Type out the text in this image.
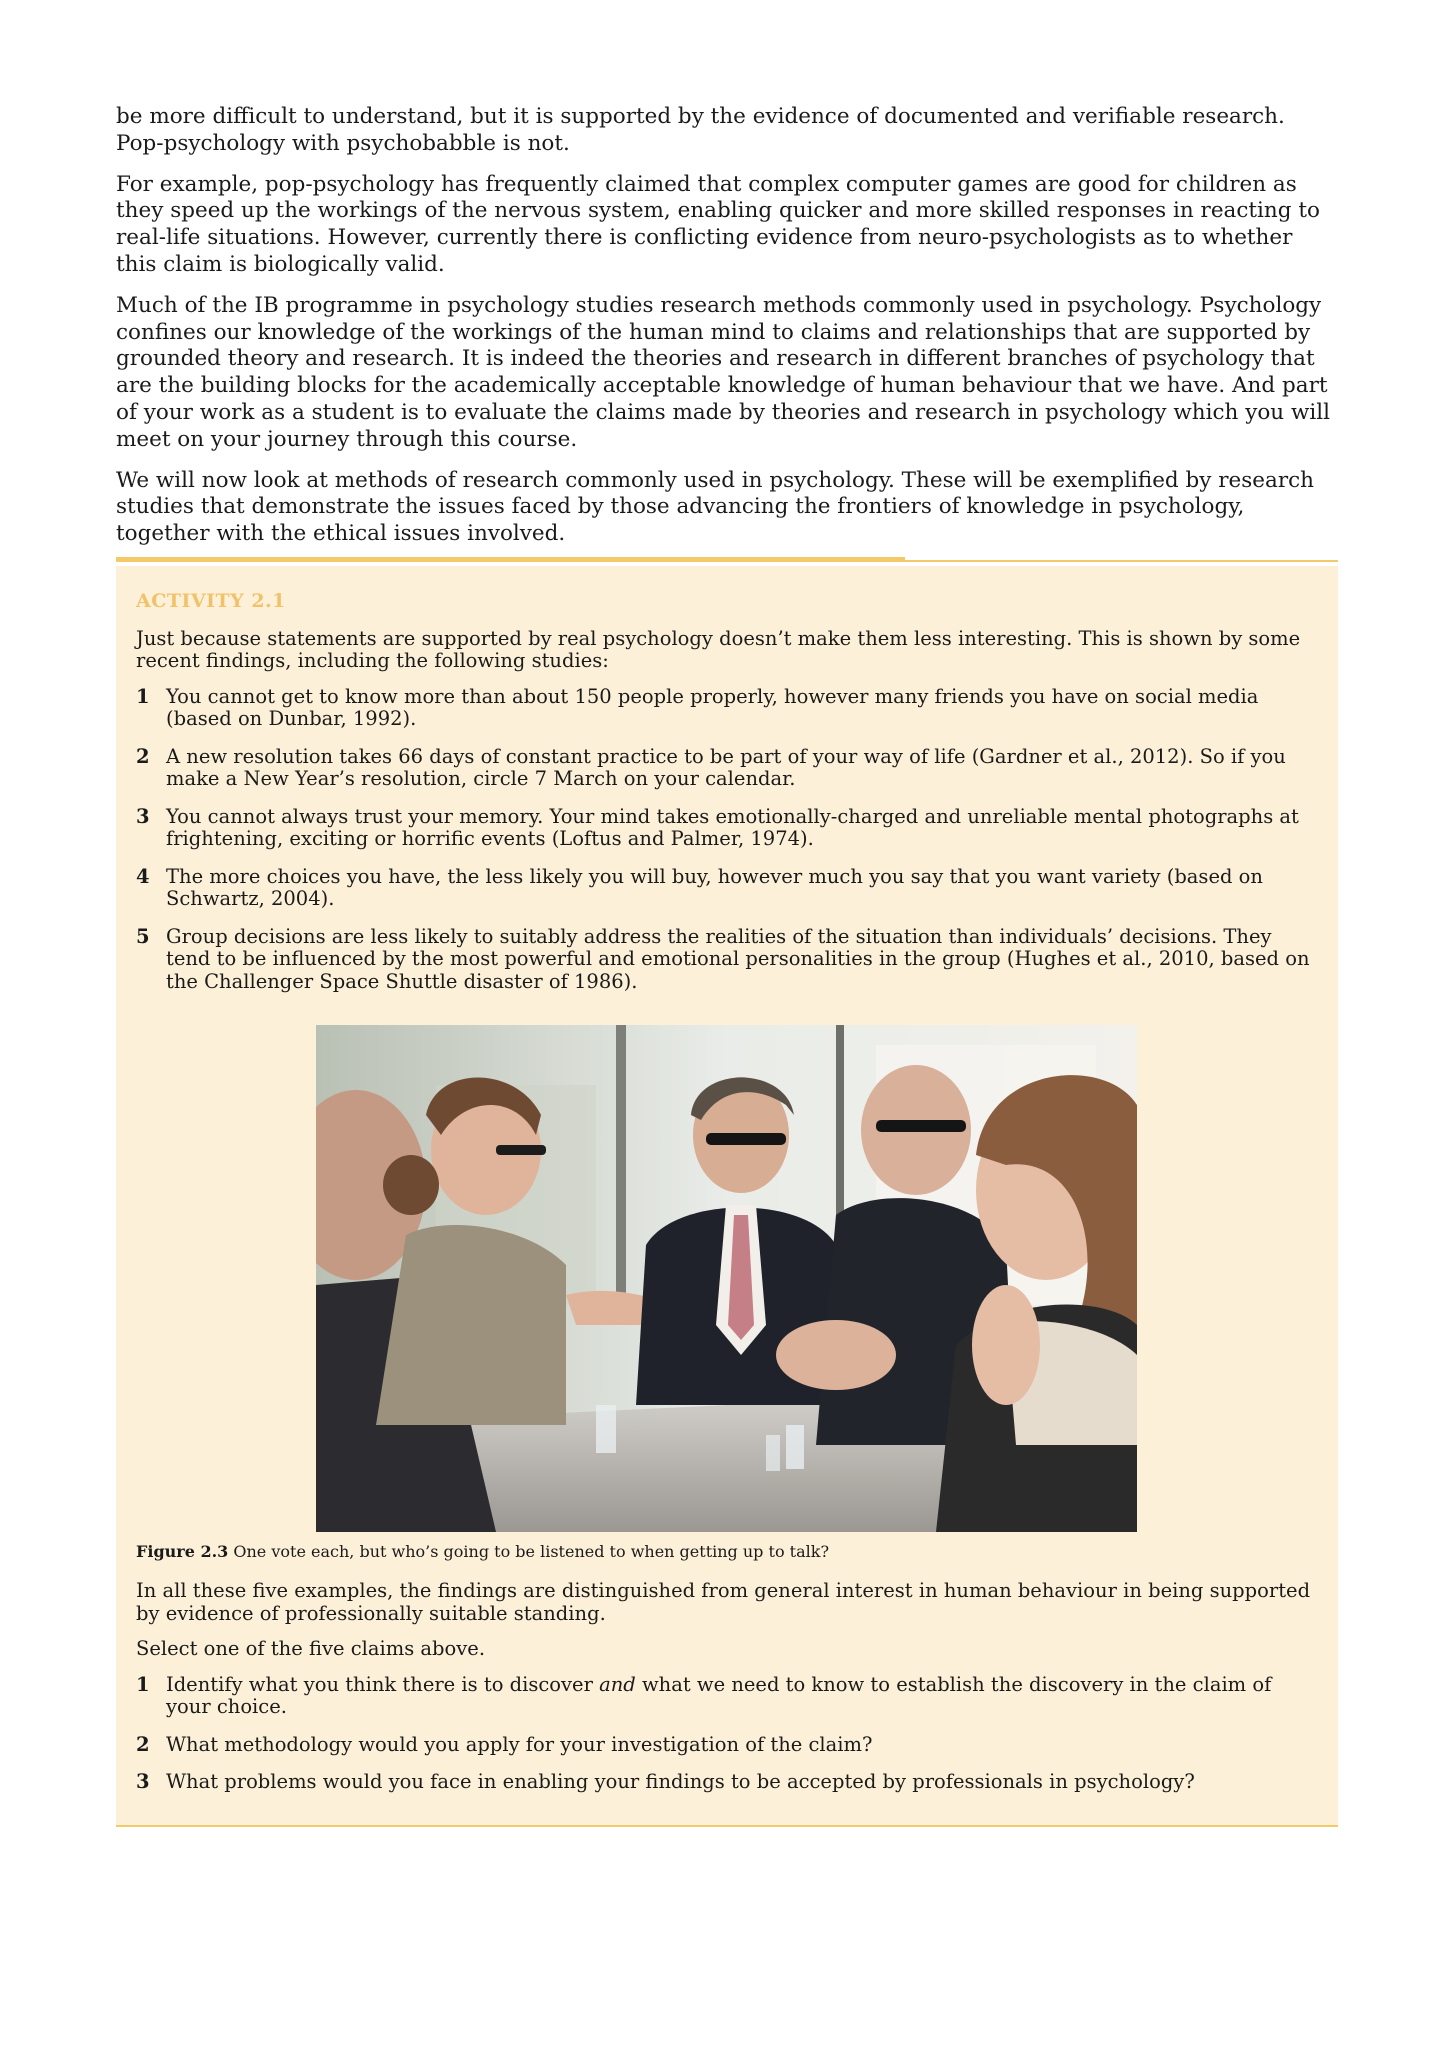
be more difficult to understand, but it is supported by the evidence of documented and verifiable research. Pop-psychology with psychobabble is not.

For example, pop-psychology has frequently claimed that complex computer games are good for children as they speed up the workings of the nervous system, enabling quicker and more skilled responses in reacting to real-life situations. However, currently there is conflicting evidence from neuro-psychologists as to whether this claim is biologically valid.

Much of the IB programme in psychology studies research methods commonly used in psychology. Psychology confines our knowledge of the workings of the human mind to claims and relationships that are supported by grounded theory and research. It is indeed the theories and research in different branches of psychology that are the building blocks for the academically acceptable knowledge of human behaviour that we have. And part of your work as a student is to evaluate the claims made by theories and research in psychology which you will meet on your journey through this course.

We will now look at methods of research commonly used in psychology. These will be exemplified by research studies that demonstrate the issues faced by those advancing the frontiers of knowledge in psychology, together with the ethical issues involved.

ACTIVITY 2.1

Just because statements are supported by real psychology doesn’t make them less interesting. This is shown by some recent findings, including the following studies:

1 You cannot get to know more than about 150 people properly, however many friends you have on social media (based on Dunbar, 1992).
2 A new resolution takes 66 days of constant practice to be part of your way of life (Gardner et al., 2012). So if you make a New Year’s resolution, circle 7 March on your calendar.
3 You cannot always trust your memory. Your mind takes emotionally-charged and unreliable mental photographs at frightening, exciting or horrific events (Loftus and Palmer, 1974).
4 The more choices you have, the less likely you will buy, however much you say that you want variety (based on Schwartz, 2004).
5 Group decisions are less likely to suitably address the realities of the situation than individuals’ decisions. They tend to be influenced by the most powerful and emotional personalities in the group (Hughes et al., 2010, based on the Challenger Space Shuttle disaster of 1986).

Figure 2.3 One vote each, but who’s going to be listened to when getting up to talk?

In all these five examples, the findings are distinguished from general interest in human behaviour in being supported by evidence of professionally suitable standing.

Select one of the five claims above.

1 Identify what you think there is to discover and what we need to know to establish the discovery in the claim of your choice.
2 What methodology would you apply for your investigation of the claim?
3 What problems would you face in enabling your findings to be accepted by professionals in psychology?
